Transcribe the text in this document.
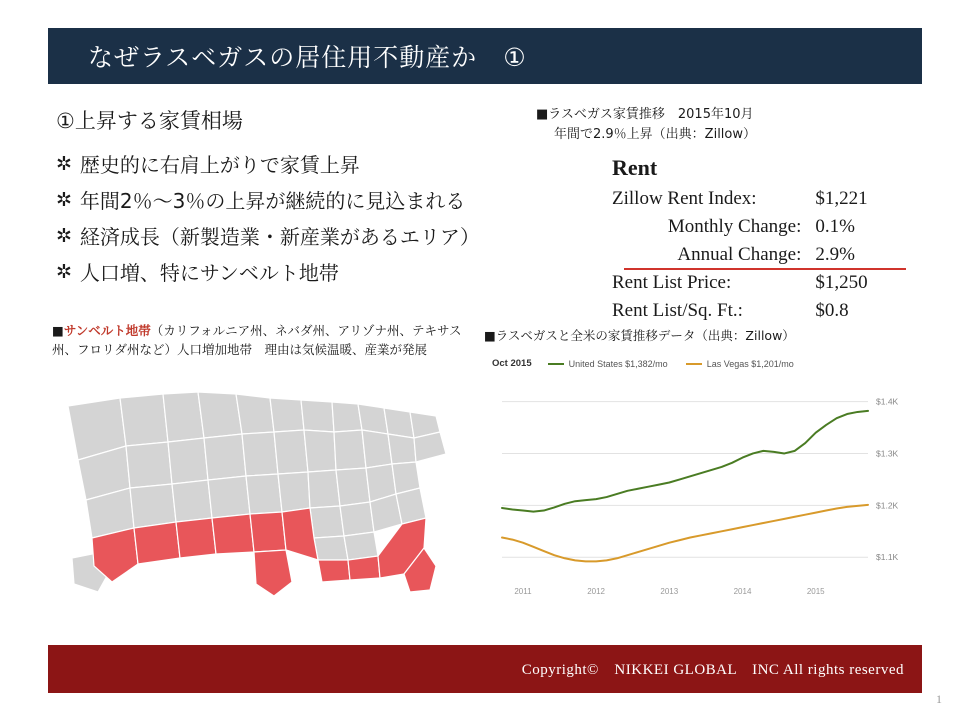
なぜラスベガスの居住用不動産か　①
①上昇する家賃相場
✲ 歴史的に右肩上がりで家賃上昇
✲ 年間2％～3％の上昇が継続的に見込まれる
✲ 経済成長（新製造業・新産業があるエリア）
✲ 人口増、特にサンベルト地帯
■ラスベガス家賃推移　2015年10月
年間で2.9％上昇（出典：Zillow）
Rent
Zillow Rent Index:	$1,221
Monthly Change: 0.1%
Annual Change: 2.9%
Rent List Price:	$1,250
Rent List/Sq. Ft.:	$0.8
■サンベルト地帯（カリフォルニア州、ネバダ州、アリゾナ州、テキサス州、フロリダ州など）人口増加地帯　理由は気候温暖、産業が発展
■ラスベガスと全米の家賃推移データ（出典：Zillow）
Oct 2015	United States $1,382/mo	Las Vegas $1,201/mo
$1.1K
$1.2K
$1.3K
$1.4K
2011	2012	2013	2014	2015
Copyright©　NIKKEI GLOBAL　INC All rights reserved
1
